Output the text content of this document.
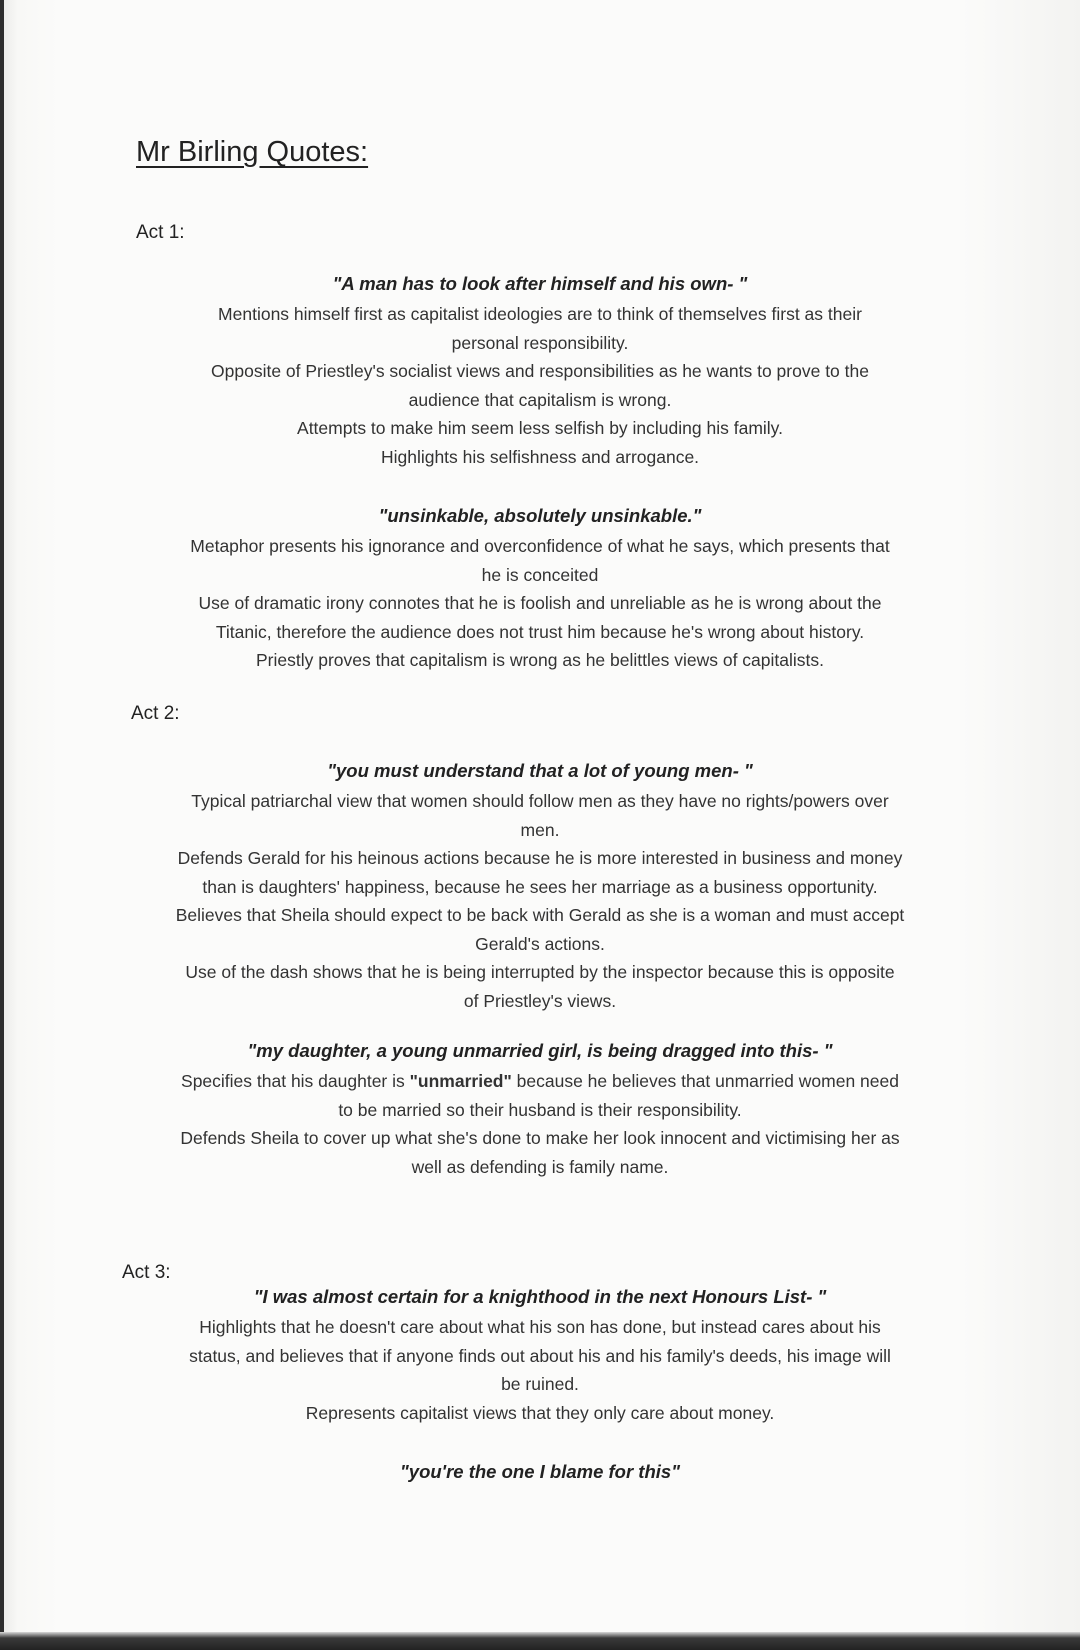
Mr Birling Quotes:
Act 1:

"A man has to look after himself and his own- "

Mentions himself first as capitalist ideologies are to think of themselves first as their

personal responsibility.

Opposite of Priestley's socialist views and responsibilities as he wants to prove to the

audience that capitalism is wrong.

Attempts to make him seem less selfish by including his family.

Highlights his selfishness and arrogance.

"unsinkable, absolutely unsinkable."

Metaphor presents his ignorance and overconfidence of what he says, which presents that

he is conceited

Use of dramatic irony connotes that he is foolish and unreliable as he is wrong about the

Titanic, therefore the audience does not trust him because he's wrong about history.

Priestly proves that capitalism is wrong as he belittles views of capitalists.

Act 2:

"you must understand that a lot of young men- "

Typical patriarchal view that women should follow men as they have no rights/powers over

men.

Defends Gerald for his heinous actions because he is more interested in business and money

than is daughters' happiness, because he sees her marriage as a business opportunity.

Believes that Sheila should expect to be back with Gerald as she is a woman and must accept

Gerald's actions.

Use of the dash shows that he is being interrupted by the inspector because this is opposite

of Priestley's views.

"my daughter, a young unmarried girl, is being dragged into this- "

Specifies that his daughter is "unmarried" because he believes that unmarried women need

to be married so their husband is their responsibility.

Defends Sheila to cover up what she's done to make her look innocent and victimising her as

well as defending is family name.

Act 3:

"I was almost certain for a knighthood in the next Honours List- "

Highlights that he doesn't care about what his son has done, but instead cares about his

status, and believes that if anyone finds out about his and his family's deeds, his image will

be ruined.

Represents capitalist views that they only care about money.

"you're the one I blame for this"
